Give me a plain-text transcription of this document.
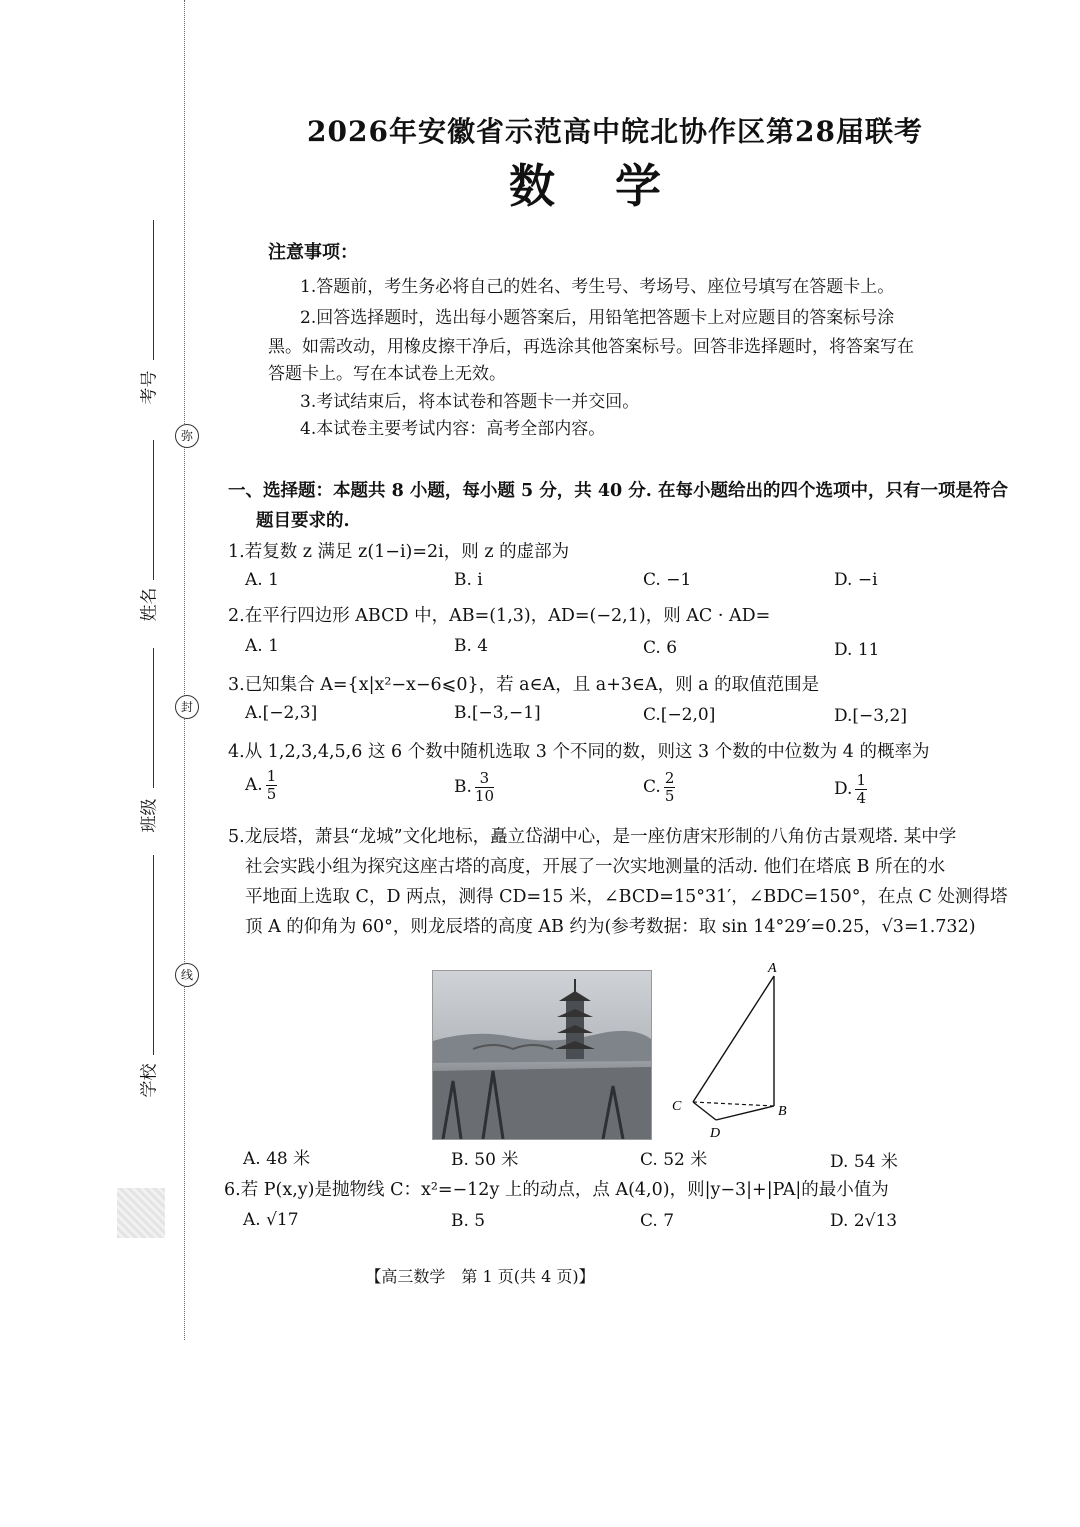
弥
封
线
考号
姓名
班级
学校
2026年安徽省示范高中皖北协作区第28届联考
数学
注意事项：
1.答题前，考生务必将自己的姓名、考生号、考场号、座位号填写在答题卡上。
2.回答选择题时，选出每小题答案后，用铅笔把答题卡上对应题目的答案标号涂
黑。如需改动，用橡皮擦干净后，再选涂其他答案标号。回答非选择题时，将答案写在
答题卡上。写在本试卷上无效。
3.考试结束后，将本试卷和答题卡一并交回。
4.本试卷主要考试内容：高考全部内容。
一、选择题：本题共 8 小题，每小题 5 分，共 40 分. 在每小题给出的四个选项中，只有一项是符合
题目要求的.
1.若复数 z 满足 z(1−i)=2i，则 z 的虚部为
A. 1	B. i	C. −1	D. −i
2.在平行四边形 ABCD 中，AB=(1,3)，AD=(−2,1)，则 AC · AD=
A. 1	B. 4	C. 6	D. 11
3.已知集合 A={x|x²−x−6⩽0}，若 a∈A，且 a+3∈A，则 a 的取值范围是
A.[−2,3]	B.[−3,−1]	C.[−2,0]	D.[−3,2]
4.从 1,2,3,4,5,6 这 6 个数中随机选取 3 个不同的数，则这 3 个数的中位数为 4 的概率为
A. $\frac{1}{5}$	B. $\frac{3}{10}$	C. $\frac{2}{5}$	D. $\frac{1}{4}$
5.龙辰塔，萧县“龙城”文化地标，矗立岱湖中心，是一座仿唐宋形制的八角仿古景观塔. 某中学
社会实践小组为探究这座古塔的高度，开展了一次实地测量的活动. 他们在塔底 B 所在的水
平地面上选取 C，D 两点，测得 CD=15 米，∠BCD=15°31′，∠BDC=150°，在点 C 处测得塔
顶 A 的仰角为 60°，则龙辰塔的高度 AB 约为(参考数据：取 sin 14°29′=0.25，√3=1.732)
A
B
C
D
A. 48 米	B. 50 米	C. 52 米	D. 54 米
6.若 P(x,y)是抛物线 C：x²=−12y 上的动点，点 A(4,0)，则|y−3|+|PA|的最小值为
A. √17	B. 5	C. 7	D. 2√13
【高三数学　第 1 页(共 4 页)】
